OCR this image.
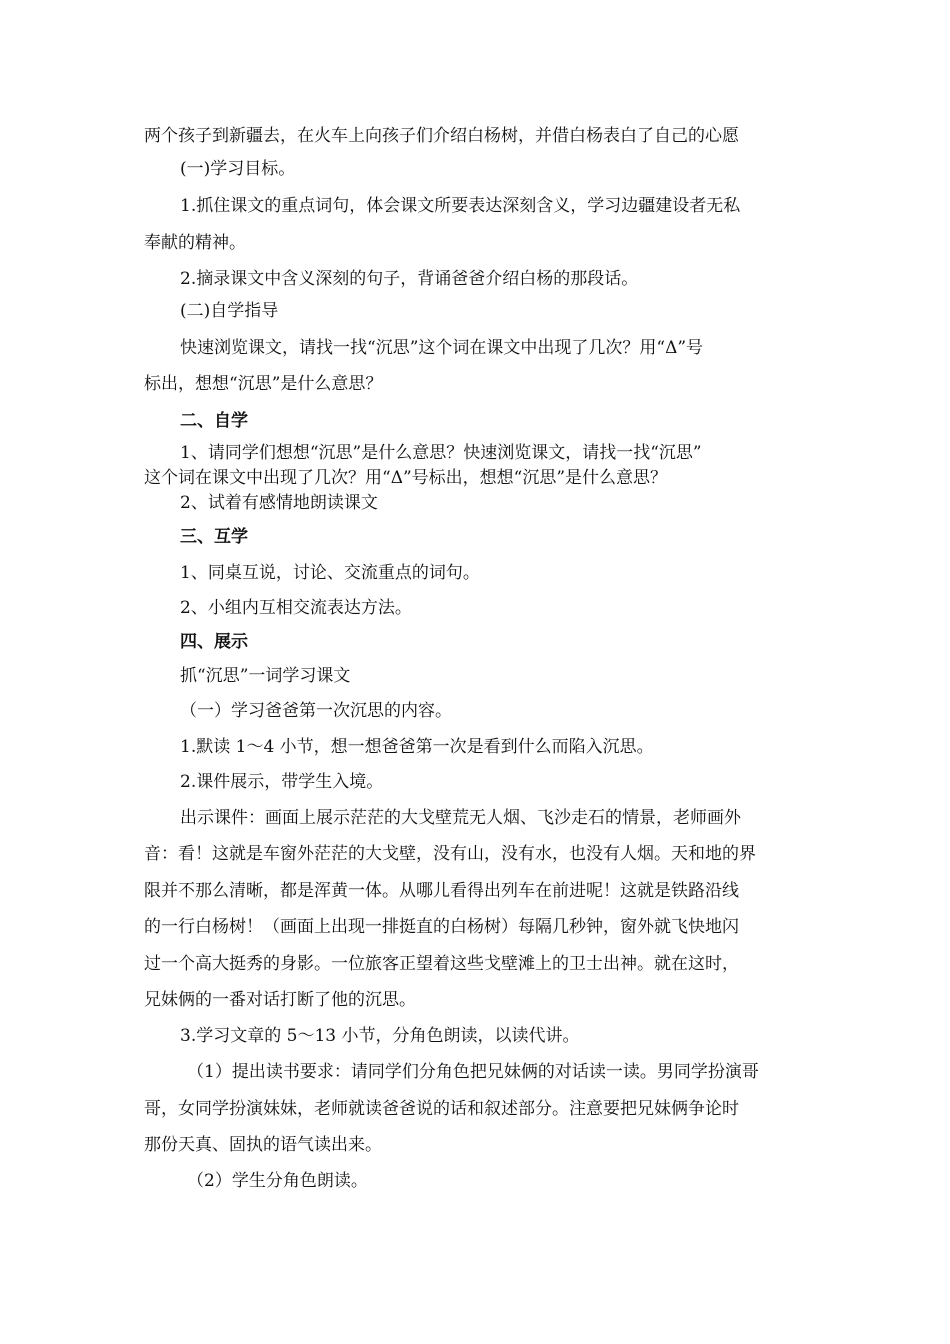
两个孩子到新疆去，在火车上向孩子们介绍白杨树，并借白杨表白了自己的心愿
(一)学习目标。
1.抓住课文的重点词句，体会课文所要表达深刻含义，学习边疆建设者无私
奉献的精神。
2.摘录课文中含义深刻的句子，背诵爸爸介绍白杨的那段话。
(二)自学指导
快速浏览课文，请找一找“沉思”这个词在课文中出现了几次？用“Δ”号
标出，想想“沉思”是什么意思？
二、自学
1、请同学们想想“沉思”是什么意思？快速浏览课文，请找一找“沉思”
这个词在课文中出现了几次？用“Δ”号标出，想想“沉思”是什么意思？
2、试着有感情地朗读课文
三、互学
1、同桌互说，讨论、交流重点的词句。
2、小组内互相交流表达方法。
四、展示
抓“沉思”一词学习课文
（一）学习爸爸第一次沉思的内容。
1.默读 1～4 小节，想一想爸爸第一次是看到什么而陷入沉思。
2.课件展示，带学生入境。
出示课件：画面上展示茫茫的大戈壁荒无人烟、飞沙走石的情景，老师画外
音：看！这就是车窗外茫茫的大戈壁，没有山，没有水，也没有人烟。天和地的界
限并不那么清晰，都是浑黄一体。从哪儿看得出列车在前进呢！这就是铁路沿线
的一行白杨树！（画面上出现一排挺直的白杨树）每隔几秒钟，窗外就飞快地闪
过一个高大挺秀的身影。一位旅客正望着这些戈壁滩上的卫士出神。就在这时，
兄妹俩的一番对话打断了他的沉思。
3.学习文章的 5～13 小节，分角色朗读，以读代讲。
（1）提出读书要求：请同学们分角色把兄妹俩的对话读一读。男同学扮演哥
哥，女同学扮演妹妹，老师就读爸爸说的话和叙述部分。注意要把兄妹俩争论时
那份天真、固执的语气读出来。
（2）学生分角色朗读。
